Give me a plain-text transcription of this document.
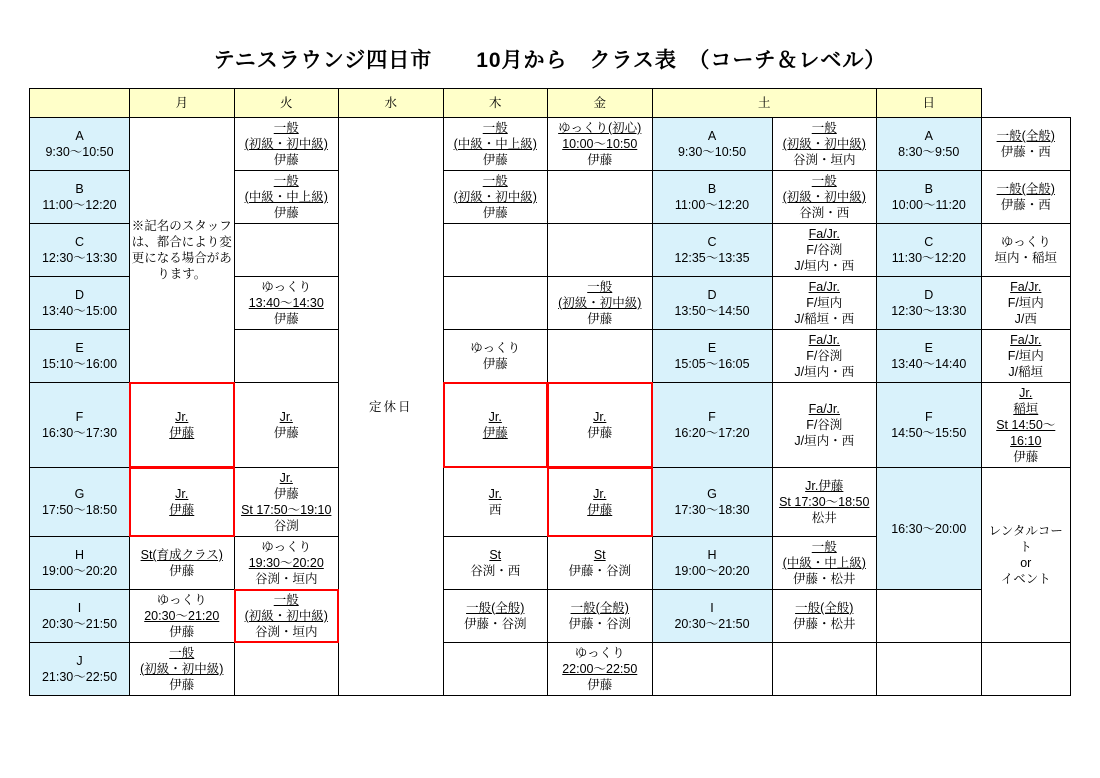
テニスラウンジ四日市　　10月から　クラス表　（コーチ＆レベル）
	月	火	水	木	金	土		日	

A
9:30〜10:50	※記名のスタッフは、都合により変更になる場合があります。	一般
(初級・初中級)
伊藤	定休日	一般
(中級・中上級)
伊藤	ゆっくり(初心)
10:00〜10:50
伊藤	A
9:30〜10:50	一般
(初級・初中級)
谷渕・垣内	A
8:30〜9:50	一般(全般)
伊藤・西

B
11:00〜12:20		一般
(中級・中上級)
伊藤		一般
(初級・初中級)
伊藤		B
11:00〜12:20	一般
(初級・初中級)
谷渕・西	B
10:00〜11:20	一般(全般)
伊藤・西

C
12:30〜13:30						C
12:35〜13:35	Fa/Jr.
F/谷渕
J/垣内・西	C
11:30〜12:20	ゆっくり
垣内・稲垣

D
13:40〜15:00		ゆっくり
13:40〜14:30
伊藤			一般
(初級・初中級)
伊藤	D
13:50〜14:50	Fa/Jr.
F/垣内
J/稲垣・西	D
12:30〜13:30	Fa/Jr.
F/垣内
J/西

E
15:10〜16:00				ゆっくり
伊藤		E
15:05〜16:05	Fa/Jr.
F/谷渕
J/垣内・西	E
13:40〜14:40	Fa/Jr.
F/垣内
J/稲垣

F
16:30〜17:30	Jr.
伊藤	Jr.
伊藤		Jr.
伊藤	Jr.
伊藤	F
16:20〜17:20	Fa/Jr.
F/谷渕
J/垣内・西	F
14:50〜15:50	Jr.
稲垣
St 14:50〜16:10
伊藤

G
17:50〜18:50	Jr.
伊藤	Jr.
伊藤
St 17:50〜19:10
谷渕		Jr.
西	Jr.
伊藤	G
17:30〜18:30	Jr.伊藤
St 17:30〜18:50
松井	16:30〜20:00	レンタルコート
or
イベント

H
19:00〜20:20	St(育成クラス)
伊藤	ゆっくり
19:30〜20:20
谷渕・垣内		St
谷渕・西	St
伊藤・谷渕	H
19:00〜20:20	一般
(中級・中上級)
伊藤・松井		

I
20:30〜21:50	ゆっくり
20:30〜21:20
伊藤	一般
(初級・初中級)
谷渕・垣内		一般(全般)
伊藤・谷渕	一般(全般)
伊藤・谷渕	I
20:30〜21:50	一般(全般)
伊藤・松井		

J
21:30〜22:50	一般
(初級・初中級)
伊藤				ゆっくり
22:00〜22:50
伊藤				
